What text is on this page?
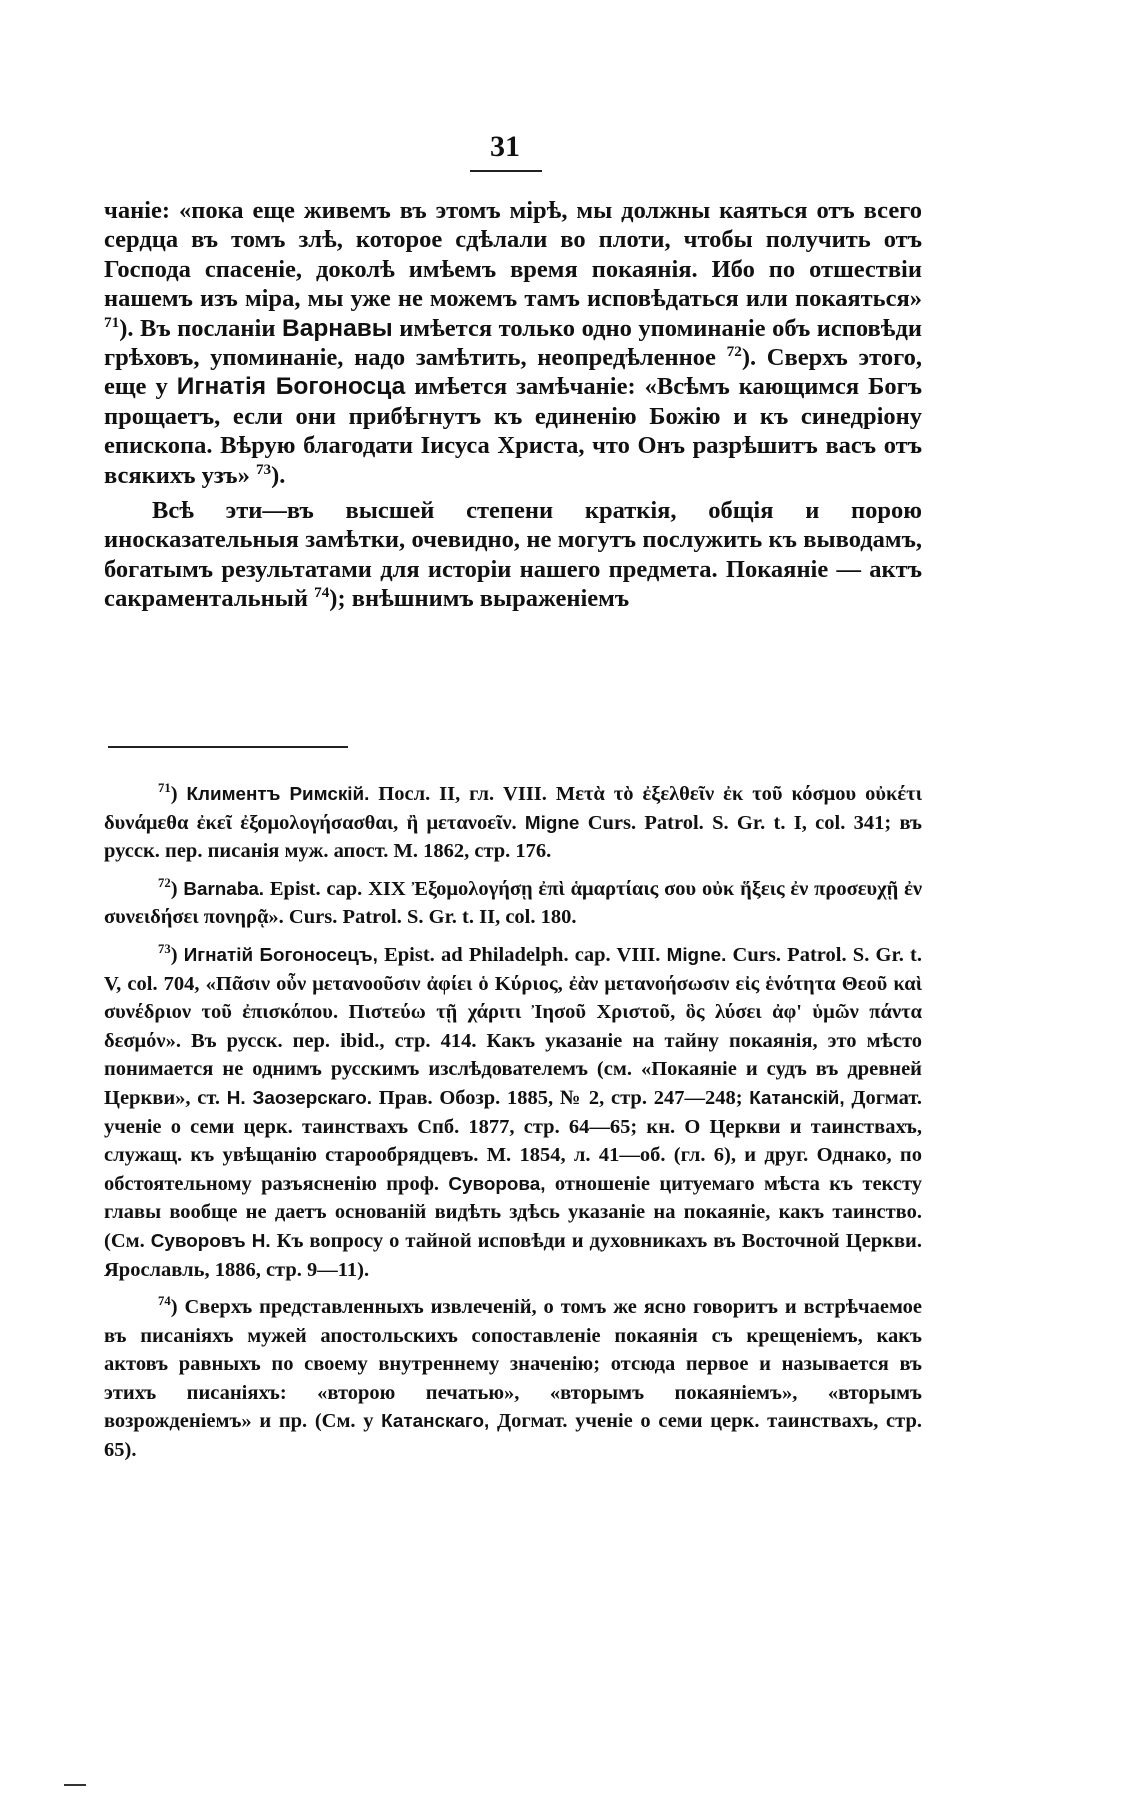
31

чаніе: «пока еще живемъ въ этомъ мірѣ, мы должны каяться отъ всего сердца въ томъ злѣ, которое сдѣлали во плоти, чтобы получить отъ Господа спасеніе, доколѣ имѣемъ время покаянія. Ибо по отшествіи нашемъ изъ міра, мы уже не можемъ тамъ исповѣдаться или покаяться» $^{71}$). Въ посланіи Варнавы имѣется только одно упоминаніе объ исповѣди грѣховъ, упоминаніе, надо замѣтить, неопредѣленное $^{72}$). Сверхъ этого, еще у Игнатія Богоносца имѣется замѣчаніе: «Всѣмъ кающимся Богъ прощаетъ, если они прибѣгнутъ къ единенію Божію и къ синедріону епископа. Вѣрую благодати Іисуса Христа, что Онъ разрѣшитъ васъ отъ всякихъ узъ» $^{73}$).

Всѣ эти—въ высшей степени краткія, общія и порою иносказательныя замѣтки, очевидно, не могутъ послужить къ выводамъ, богатымъ результатами для исторіи нашего предмета. Покаяніе — актъ сакраментальный $^{74}$); внѣшнимъ выраженіемъ

$^{71}$) Климентъ Римскій. Посл. II, гл. VIII. Μετὰ τὸ ἐξελθεῖν ἐκ τοῦ κόσμου οὐκέτι δυνάμεθα ἐκεῖ ἐξομολογήσασθαι, ἢ μετανοεῖν. Migne Curs. Patrol. S. Gr. t. I, col. 341; въ русск. пер. писанія муж. апост. М. 1862, стр. 176.

$^{72}$) Barnaba. Epist. cap. XIX Ἐξομολογήσῃ ἐπὶ ἁμαρτίαις σου οὐκ ἥξεις ἐν προσευχῇ ἐν συνειδήσει πονηρᾷ». Curs. Patrol. S. Gr. t. II, col. 180.

$^{73}$) Игнатій Богоносецъ, Epist. ad Philadelph. cap. VIII. Migne. Curs. Patrol. S. Gr. t. V, col. 704, «Πᾶσιν οὖν μετανοοῦσιν ἀφίει ὁ Κύριος, ἐὰν μετανοήσωσιν εἰς ἑνότητα Θεοῦ καὶ συνέδριον τοῦ ἐπισκόπου. Πιστεύω τῇ χάριτι Ἰησοῦ Χριστοῦ, ὃς λύσει ἀφ' ὑμῶν πάντα δεσμόν». Въ русск. пер. ibid., стр. 414. Какъ указаніе на тайну покаянія, это мѣсто понимается не однимъ русскимъ изслѣдователемъ (см. «Покаяніе и судъ въ древней Церкви», ст. Н. Заозерскаго. Прав. Обозр. 1885, № 2, стр. 247—248; Катанскій, Догмат. ученіе о семи церк. таинствахъ Спб. 1877, стр. 64—65; кн. О Церкви и таинствахъ, служащ. къ увѣщанію старообрядцевъ. М. 1854, л. 41—об. (гл. 6), и друг. Однако, по обстоятельному разъясненію проф. Суворова, отношеніе цитуемаго мѣста къ тексту главы вообще не даетъ основаній видѣть здѣсь указаніе на покаяніе, какъ таинство. (См. Суворовъ Н. Къ вопросу о тайной исповѣди и духовникахъ въ Восточной Церкви. Ярославль, 1886, стр. 9—11).

$^{74}$) Сверхъ представленныхъ извлеченій, о томъ же ясно говоритъ и встрѣчаемое въ писаніяхъ мужей апостольскихъ сопоставленіе покаянія съ крещеніемъ, какъ актовъ равныхъ по своему внутреннему значенію; отсюда первое и называется въ этихъ писаніяхъ: «второю печатью», «вторымъ покаяніемъ», «вторымъ возрожденіемъ» и пр. (См. у Катанскаго, Догмат. ученіе о семи церк. таинствахъ, стр. 65).
